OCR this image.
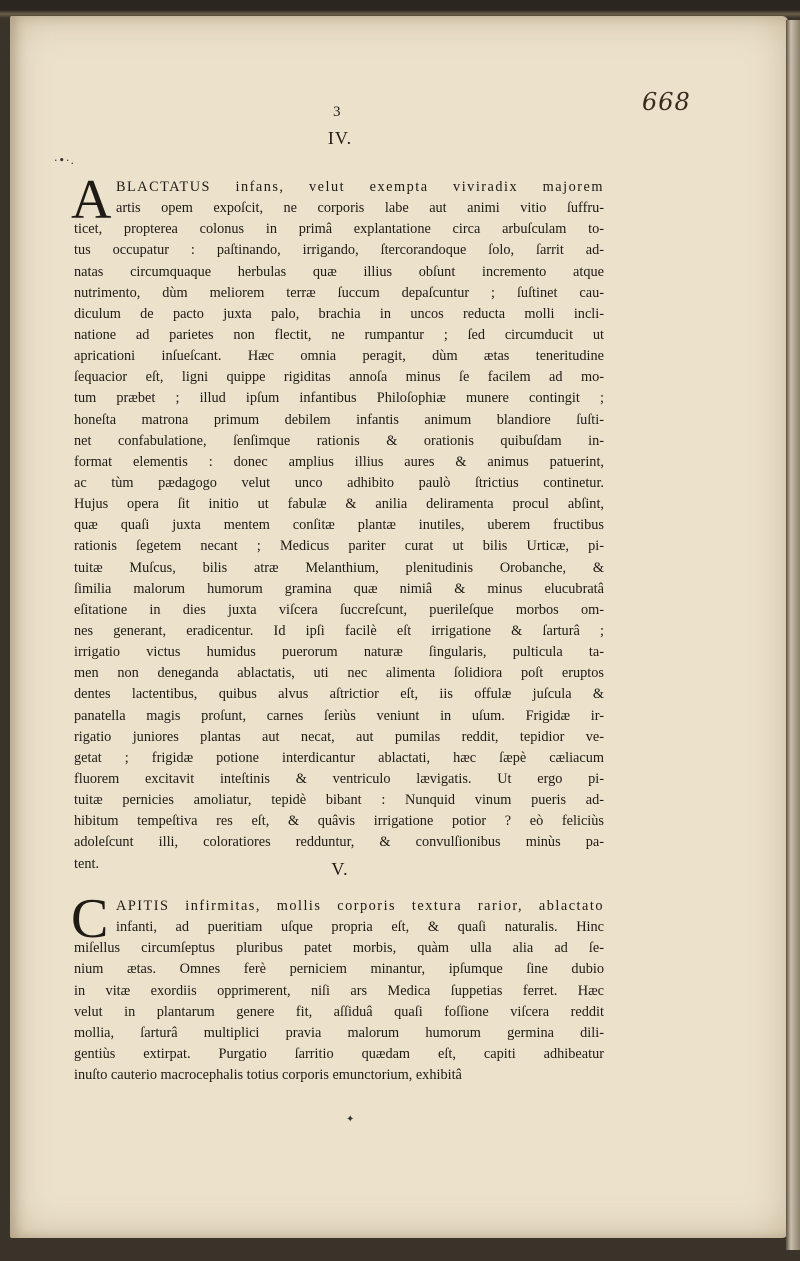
668
3
·•·.
IV.
A BLACTATUS infans, velut exempta viviradix majorem
artis opem expoſcit, ne corporis labe aut animi vitio ſuffru-
ticet, propterea colonus in primâ explantatione circa arbuſculam to-
tus occupatur : paſtinando, irrigando, ſtercorandoque ſolo, ſarrit ad-
natas circumquaque herbulas quæ illius obſunt incremento atque
nutrimento, dùm meliorem terræ ſuccum depaſcuntur ; ſuſtinet cau-
diculum de pacto juxta palo, brachia in uncos reducta molli incli-
natione ad parietes non flectit, ne rumpantur ; ſed circumducit ut
apricationi inſueſcant. Hæc omnia peragit, dùm ætas teneritudine
ſequacior eſt, ligni quippe rigiditas annoſa minus ſe facilem ad mo-
tum præbet ; illud ipſum infantibus Philoſophiæ munere contingit ;
honeſta matrona primum debilem infantis animum blandiore ſuſti-
net confabulatione, ſenſimque rationis & orationis quibuſdam in-
format elementis : donec amplius illius aures & animus patuerint,
ac tùm pædagogo velut unco adhibito paulò ſtrictius continetur.
Hujus opera ſit initio ut fabulæ & anilia deliramenta procul abſint,
quæ quaſi juxta mentem conſitæ plantæ inutiles, uberem fructibus
rationis ſegetem necant ; Medicus pariter curat ut bilis Urticæ, pi-
tuitæ Muſcus, bilis atræ Melanthium, plenitudinis Orobanche, &
ſimilia malorum humorum gramina quæ nimiâ & minus elucubratâ
eſitatione in dies juxta viſcera ſuccreſcunt, puerileſque morbos om-
nes generant, eradicentur. Id ipſi facilè eſt irrigatione & ſarturâ ;
irrigatio victus humidus puerorum naturæ ſingularis, pulticula ta-
men non deneganda ablactatis, uti nec alimenta ſolidiora poſt eruptos
dentes lactentibus, quibus alvus aſtrictior eſt, iis offulæ juſcula &
panatella magis proſunt, carnes ſeriùs veniunt in uſum. Frigidæ ir-
rigatio juniores plantas aut necat, aut pumilas reddit, tepidior ve-
getat ; frigidæ potione interdicantur ablactati, hæc ſæpè cæliacum
fluorem excitavit inteſtinis & ventriculo lævigatis. Ut ergo pi-
tuitæ pernicies amoliatur, tepidè bibant : Nunquid vinum pueris ad-
hibitum tempeſtiva res eſt, & quâvis irrigatione potior ? eò feliciùs
adoleſcunt illi, coloratiores redduntur, & convulſionibus minùs pa-
tent.	V.
C APITIS infirmitas, mollis corporis textura rarior, ablactato
infanti, ad pueritiam uſque propria eſt, & quaſi naturalis. Hinc
miſellus circumſeptus pluribus patet morbis, quàm ulla alia ad ſe-
nium ætas. Omnes ferè perniciem minantur, ipſumque ſine dubio
in vitæ exordiis opprimerent, niſi ars Medica ſuppetias ferret. Hæc
velut in plantarum genere fit, aſſiduâ quaſi foſſione viſcera reddit
mollia, ſarturâ multiplici pravia malorum humorum germina dili-
gentiùs extirpat. Purgatio ſarritio quædam eſt, capiti adhibeatur
inuſto cauterio macrocephalis totius corporis emunctorium, exhibitâ
✦
